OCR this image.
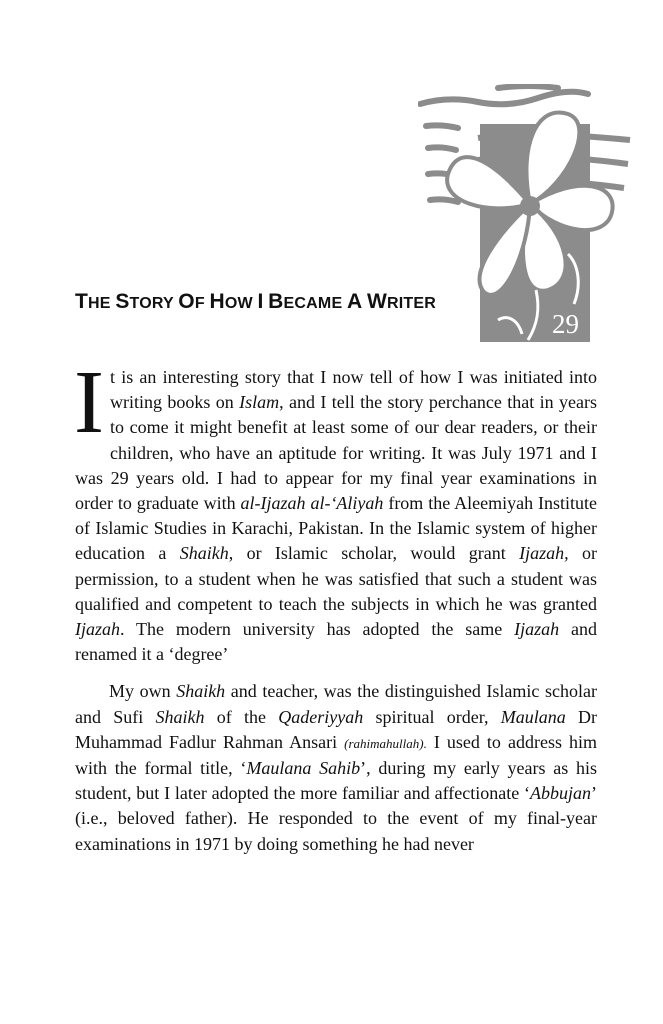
29
THE STORY OF HOW I BECAME A WRITER

It is an interesting story that I now tell of how I was initiated into writing books on Islam, and I tell the story perchance that in years to come it might benefit at least some of our dear readers, or their children, who have an aptitude for writing. It was July 1971 and I was 29 years old. I had to appear for my final year examinations in order to graduate with al-Ijazah al-‘Aliyah from the Aleemiyah Institute of Islamic Studies in Karachi, Pakistan. In the Islamic system of higher education a Shaikh, or Islamic scholar, would grant Ijazah, or permission, to a student when he was satisfied that such a student was qualified and competent to teach the subjects in which he was granted Ijazah. The modern university has adopted the same Ijazah and renamed it a ‘degree’

My own Shaikh and teacher, was the distinguished Islamic scholar and Sufi Shaikh of the Qaderiyyah spiritual order, Maulana Dr Muhammad Fadlur Rahman Ansari (rahimahullah). I used to address him with the formal title, ‘Maulana Sahib’, during my early years as his student, but I later adopted the more familiar and affectionate ‘Abbujan’ (i.e., beloved father). He responded to the event of my final-year examinations in 1971 by doing something he had never
